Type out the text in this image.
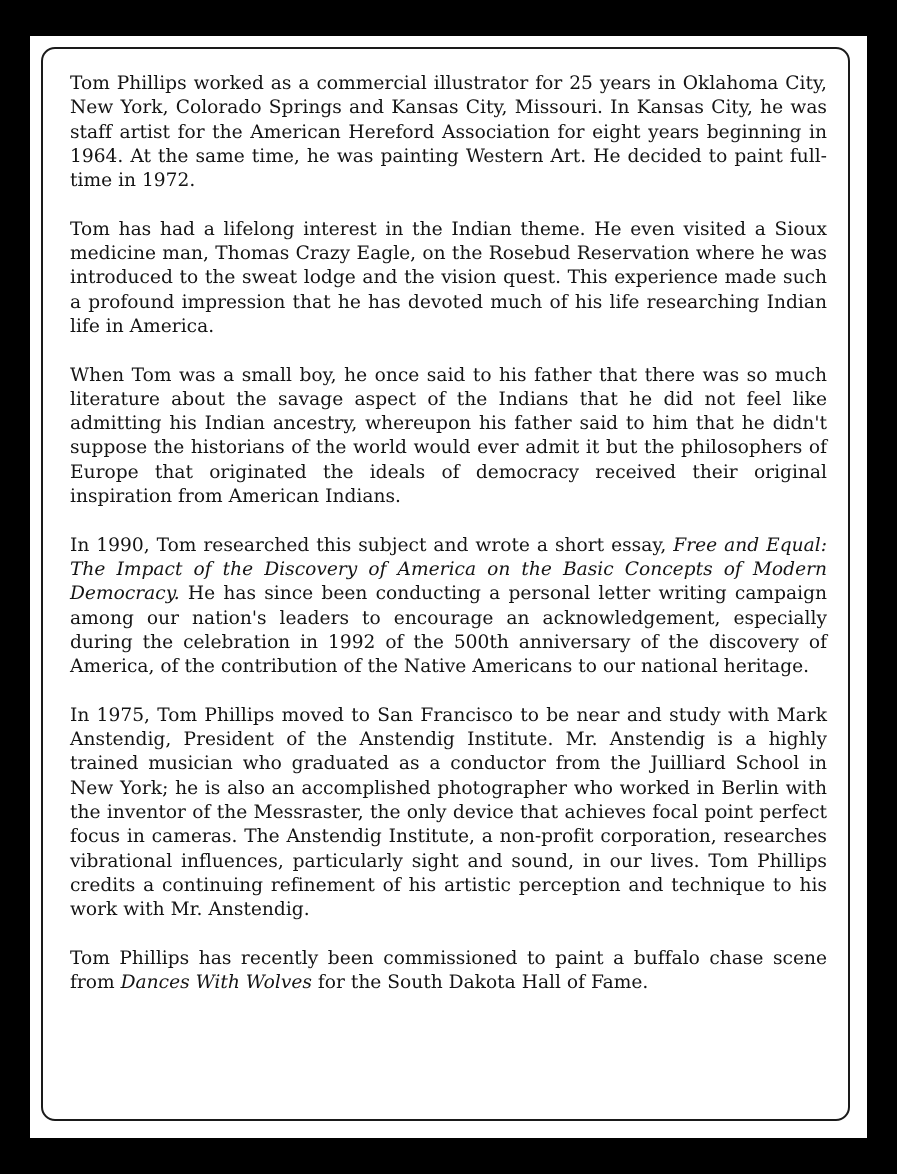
Tom Phillips worked as a commercial illustrator for 25 years in Oklahoma City, New York, Colorado Springs and Kansas City, Missouri. In Kansas City, he was staff artist for the American Hereford Association for eight years beginning in 1964. At the same time, he was painting Western Art. He decided to paint full-time in 1972.

Tom has had a lifelong interest in the Indian theme. He even visited a Sioux medicine man, Thomas Crazy Eagle, on the Rosebud Reservation where he was introduced to the sweat lodge and the vision quest. This experience made such a profound impression that he has devoted much of his life researching Indian life in America.

When Tom was a small boy, he once said to his father that there was so much literature about the savage aspect of the Indians that he did not feel like admitting his Indian ancestry, whereupon his father said to him that he didn't suppose the historians of the world would ever admit it but the philosophers of Europe that originated the ideals of democracy received their original inspiration from American Indians.

In 1990, Tom researched this subject and wrote a short essay, Free and Equal: The Impact of the Discovery of America on the Basic Concepts of Modern Democracy. He has since been conducting a personal letter writing campaign among our nation's leaders to encourage an acknowledgement, especially during the celebration in 1992 of the 500th anniversary of the discovery of America, of the contribution of the Native Americans to our national heritage.

In 1975, Tom Phillips moved to San Francisco to be near and study with Mark Anstendig, President of the Anstendig Institute. Mr. Anstendig is a highly trained musician who graduated as a conductor from the Juilliard School in New York; he is also an accomplished photographer who worked in Berlin with the inventor of the Messraster, the only device that achieves focal point perfect focus in cameras. The Anstendig Institute, a non-profit corporation, researches vibrational influences, particularly sight and sound, in our lives. Tom Phillips credits a continuing refinement of his artistic perception and technique to his work with Mr. Anstendig.

Tom Phillips has recently been commissioned to paint a buffalo chase scene from Dances With Wolves for the South Dakota Hall of Fame.
